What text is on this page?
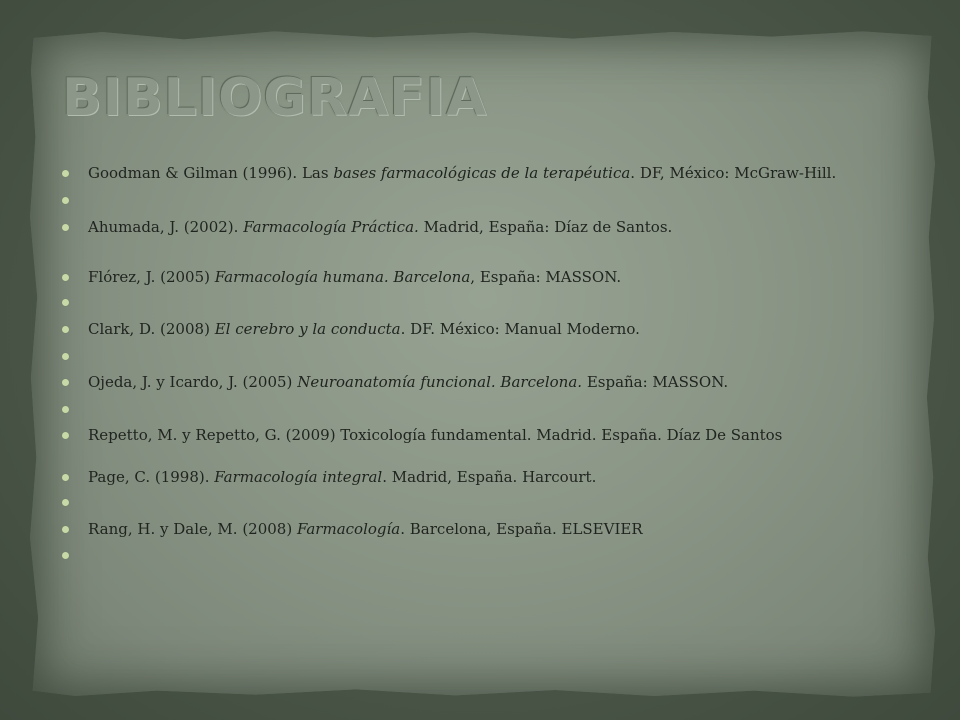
BIBLIOGRAFIA
Goodman & Gilman (1996). Las bases farmacológicas de la terapéutica. DF, México: McGraw-Hill.
Ahumada, J. (2002). Farmacología Práctica. Madrid, España: Díaz de Santos.
Flórez, J. (2005) Farmacología humana. Barcelona, España: MASSON.
Clark, D. (2008) El cerebro y la conducta. DF. México: Manual Moderno.
Ojeda, J. y Icardo, J. (2005) Neuroanatomía funcional. Barcelona. España: MASSON.
Repetto, M. y Repetto, G. (2009) Toxicología fundamental. Madrid. España. Díaz De Santos
Page, C. (1998). Farmacología integral. Madrid, España. Harcourt.
Rang, H. y Dale, M. (2008) Farmacología. Barcelona, España. ELSEVIER
